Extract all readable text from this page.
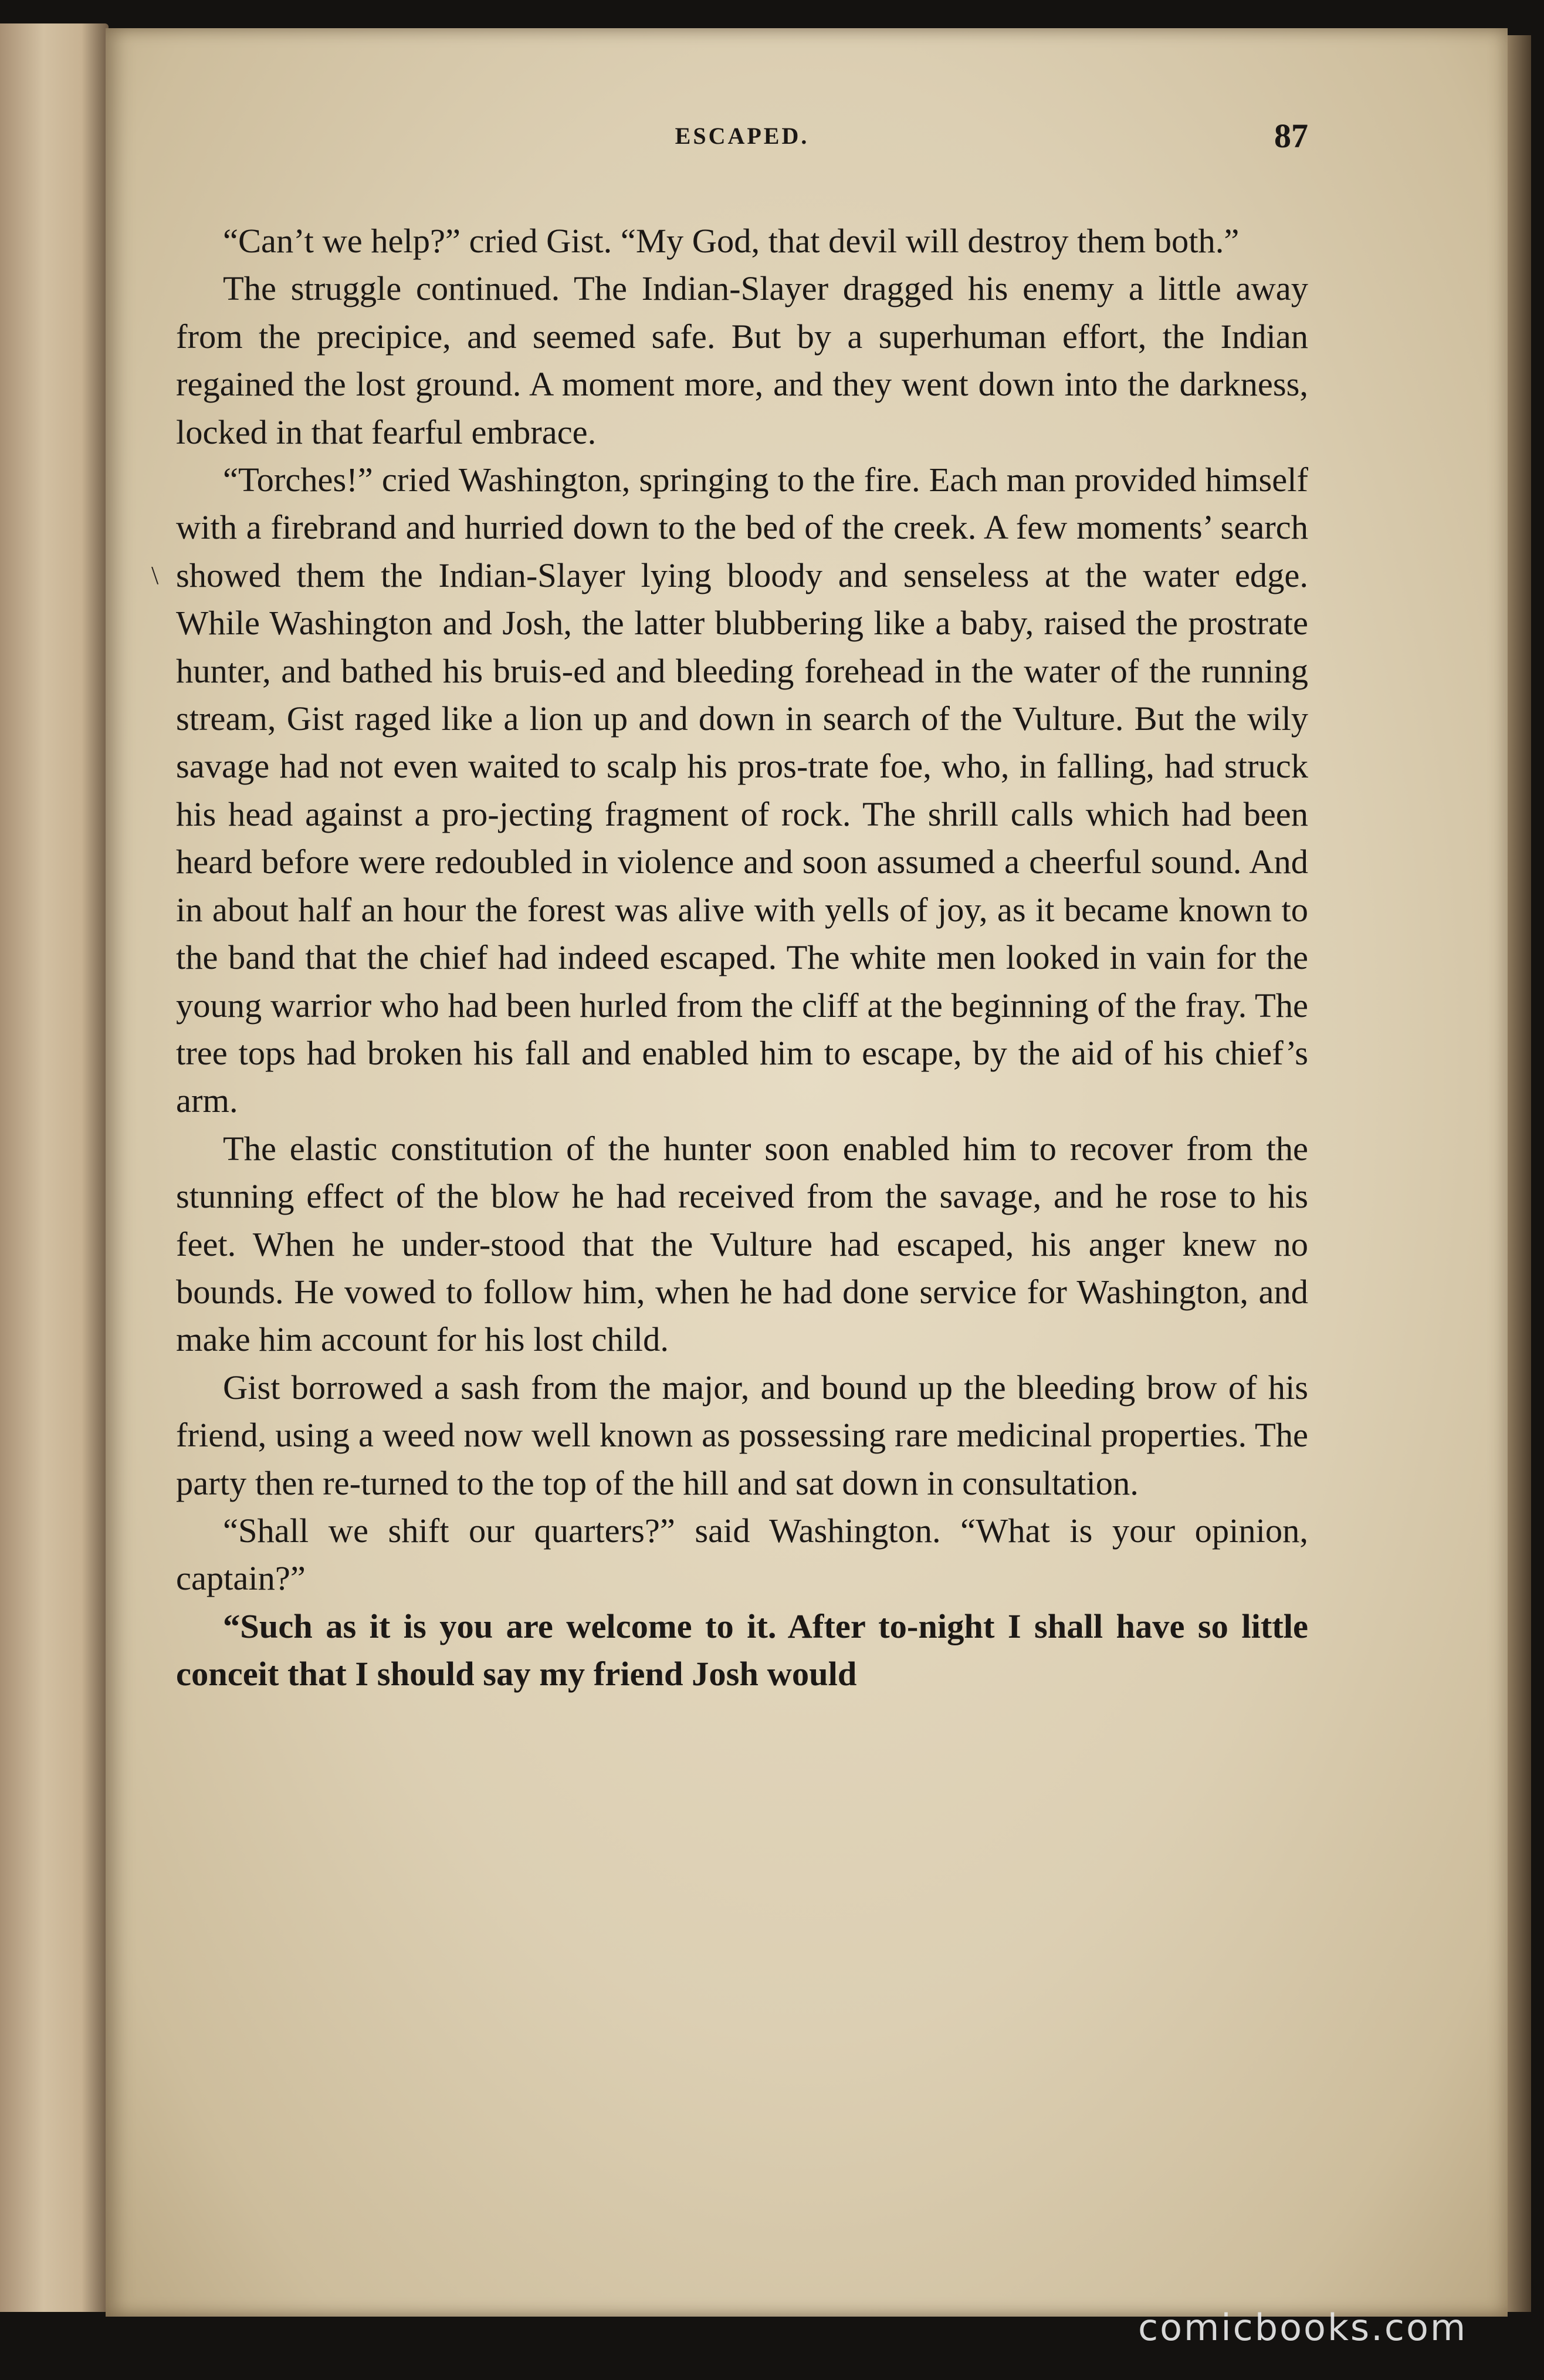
ESCAPED.	87
\

“Can’t we help?” cried Gist. “My God, that devil will destroy them both.”

The struggle continued. The Indian-Slayer dragged his enemy a little away from the precipice, and seemed safe. But by a superhuman effort, the Indian regained the lost ground. A moment more, and they went down into the darkness, locked in that fearful embrace.

“Torches!” cried Washington, springing to the fire. Each man provided himself with a firebrand and hurried down to the bed of the creek. A few moments’ search showed them the Indian-Slayer lying bloody and senseless at the water edge. While Washington and Josh, the latter blubbering like a baby, raised the prostrate hunter, and bathed his bruis-ed and bleeding forehead in the water of the running stream, Gist raged like a lion up and down in search of the Vulture. But the wily savage had not even waited to scalp his pros-trate foe, who, in falling, had struck his head against a pro-jecting fragment of rock. The shrill calls which had been heard before were redoubled in violence and soon assumed a cheerful sound. And in about half an hour the forest was alive with yells of joy, as it became known to the band that the chief had indeed escaped. The white men looked in vain for the young warrior who had been hurled from the cliff at the beginning of the fray. The tree tops had broken his fall and enabled him to escape, by the aid of his chief’s arm.

The elastic constitution of the hunter soon enabled him to recover from the stunning effect of the blow he had received from the savage, and he rose to his feet. When he under-stood that the Vulture had escaped, his anger knew no bounds. He vowed to follow him, when he had done service for Washington, and make him account for his lost child.

Gist borrowed a sash from the major, and bound up the bleeding brow of his friend, using a weed now well known as possessing rare medicinal properties. The party then re-turned to the top of the hill and sat down in consultation.

“Shall we shift our quarters?” said Washington. “What is your opinion, captain?”

“Such as it is you are welcome to it. After to-night I shall have so little conceit that I should say my friend Josh would

comicbooks.com
